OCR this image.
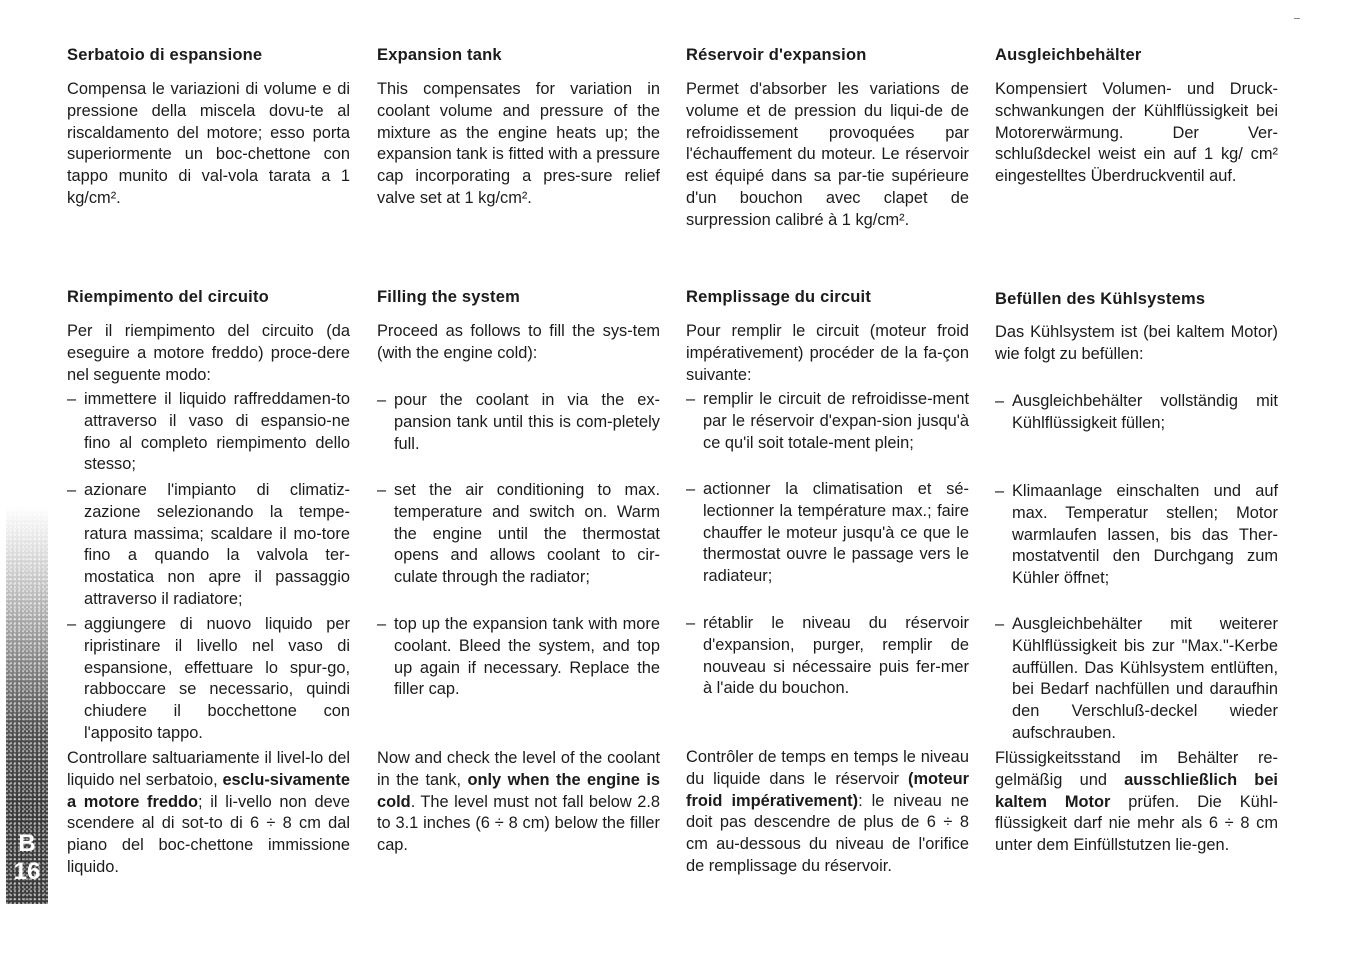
Serbatoio di espansione
Compensa le variazioni di volume e di pressione della miscela dovu-te al riscaldamento del motore; esso porta superiormente un boc-chettone con tappo munito di val-vola tarata a 1 kg/cm².
Riempimento del circuito
Per il riempimento del circuito (da eseguire a motore freddo) proce-dere nel seguente modo:
– immettere il liquido raffreddamen-to attraverso il vaso di espansio-ne fino al completo riempimento dello stesso;
– azionare l'impianto di climatiz-zazione selezionando la tempe-ratura massima; scaldare il mo-tore fino a quando la valvola ter-mostatica non apre il passaggio attraverso il radiatore;
– aggiungere di nuovo liquido per ripristinare il livello nel vaso di espansione, effettuare lo spur-go, rabboccare se necessario, quindi chiudere il bocchettone con l'apposito tappo.
Controllare saltuariamente il livel-lo del liquido nel serbatoio, esclu-sivamente a motore freddo; il li-vello non deve scendere al di sot-to di 6 ÷ 8 cm dal piano del boc-chettone immissione liquido.
Expansion tank
This compensates for variation in coolant volume and pressure of the mixture as the engine heats up; the expansion tank is fitted with a pressure cap incorporating a pres-sure relief valve set at 1 kg/cm².
Filling the system
Proceed as follows to fill the sys-tem (with the engine cold):
– pour the coolant in via the ex-pansion tank until this is com-pletely full.
– set the air conditioning to max. temperature and switch on. Warm the engine until the thermostat opens and allows coolant to cir-culate through the radiator;
– top up the expansion tank with more coolant. Bleed the system, and top up again if necessary. Replace the filler cap.
Now and check the level of the coolant in the tank, only when the engine is cold. The level must not fall below 2.8 to 3.1 inches (6 ÷ 8 cm) below the filler cap.
Réservoir d'expansion
Permet d'absorber les variations de volume et de pression du liqui-de de refroidissement provoquées par l'échauffement du moteur. Le réservoir est équipé dans sa par-tie supérieure d'un bouchon avec clapet de surpression calibré à 1 kg/cm².
Remplissage du circuit
Pour remplir le circuit (moteur froid impérativement) procéder de la fa-çon suivante:
– remplir le circuit de refroidisse-ment par le réservoir d'expan-sion jusqu'à ce qu'il soit totale-ment plein;
– actionner la climatisation et sé-lectionner la température max.; faire chauffer le moteur jusqu'à ce que le thermostat ouvre le passage vers le radiateur;
– rétablir le niveau du réservoir d'expansion, purger, remplir de nouveau si nécessaire puis fer-mer à l'aide du bouchon.
Contrôler de temps en temps le niveau du liquide dans le réservoir (moteur froid impérativement): le niveau ne doit pas descendre de plus de 6 ÷ 8 cm au-dessous du niveau de l'orifice de remplissage du réservoir.
Ausgleichbehälter
Kompensiert Volumen- und Druck-schwankungen der Kühlflüssigkeit bei Motorerwärmung. Der Ver-schlußdeckel weist ein auf 1 kg/ cm² eingestelltes Überdruckventil auf.
Befüllen des Kühlsystems
Das Kühlsystem ist (bei kaltem Motor) wie folgt zu befüllen:
– Ausgleichbehälter vollständig mit Kühlflüssigkeit füllen;
– Klimaanlage einschalten und auf max. Temperatur stellen; Motor warmlaufen lassen, bis das Ther-mostatventil den Durchgang zum Kühler öffnet;
– Ausgleichbehälter mit weiterer Kühlflüssigkeit bis zur "Max."-Kerbe auffüllen. Das Kühlsystem entlüften, bei Bedarf nachfüllen und daraufhin den Verschluß-deckel wieder aufschrauben.
Flüssigkeitsstand im Behälter re-gelmäßig und ausschließlich bei kaltem Motor prüfen. Die Kühl-flüssigkeit darf nie mehr als 6 ÷ 8 cm unter dem Einfüllstutzen lie-gen.
B
16
